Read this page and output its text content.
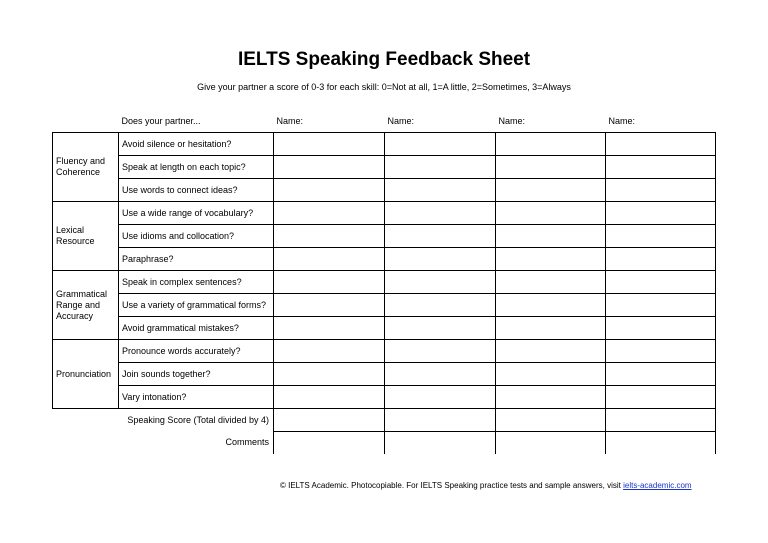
IELTS Speaking Feedback Sheet
Give your partner a score of 0-3 for each skill: 0=Not at all, 1=A little, 2=Sometimes, 3=Always
	Does your partner...	Name:	Name:	Name:	Name:
Fluency and Coherence	Avoid silence or hesitation?				
	Speak at length on each topic?				
	Use words to connect ideas?				
Lexical Resource	Use a wide range of vocabulary?				
	Use idioms and collocation?				
	Paraphrase?				
Grammatical Range and Accuracy	Speak in complex sentences?				
	Use a variety of grammatical forms?				
	Avoid grammatical mistakes?				
Pronunciation	Pronounce words accurately?				
	Join sounds together?				
	Vary intonation?				
	Speaking Score (Total divided by 4)				
	Comments				
© IELTS Academic. Photocopiable. For IELTS Speaking practice tests and sample answers, visit ielts-academic.com
